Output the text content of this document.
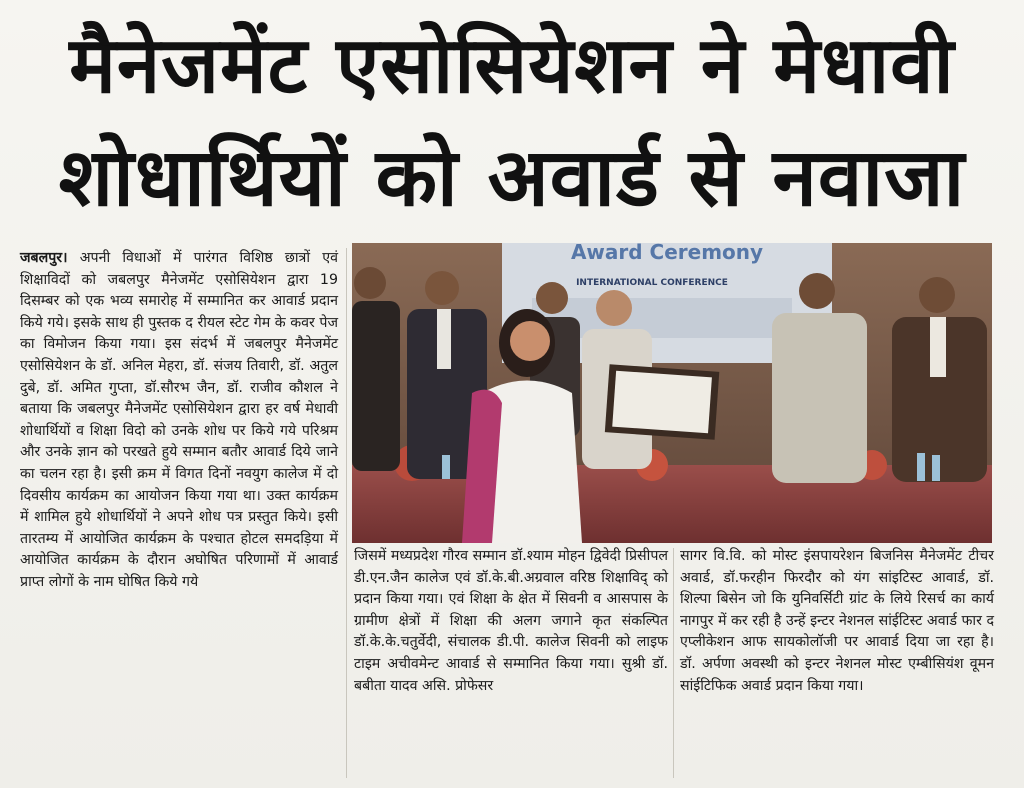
मैनेजमेंट एसोसियेशन ने मेधावी
शोधार्थियों को अवार्ड से नवाजा

जबलपुर। अपनी विधाओं में पारंगत विशिष्ठ छात्रों एवं शिक्षाविदों को जबलपुर मैनेजमेंट एसोसियेशन द्वारा 19 दिसम्बर को एक भव्य समारोह में सम्मानित कर आवार्ड प्रदान किये गये। इसके साथ ही पुस्तक द रीयल स्टेट गेम के कवर पेज का विमोजन किया गया। इस संदर्भ में जबलपुर मैनेजमेंट एसोसियेशन के डॉ. अनिल मेहरा, डॉ. संजय तिवारी, डॉ. अतुल दुबे, डॉ. अमित गुप्ता, डॉ.सौरभ जैन, डॉ. राजीव कौशल ने बताया कि जबलपुर मैनेजमेंट एसोसियेशन द्वारा हर वर्ष मेधावी शोधार्थियों व शिक्षा विदो को उनके शोध पर किये गये परिश्रम और उनके ज्ञान को परखते हुये सम्मान बतौर आवार्ड दिये जाने का चलन रहा है। इसी क्रम में विगत दिनों नवयुग कालेज में दो दिवसीय कार्यक्रम का आयोजन किया गया था। उक्त कार्यक्रम में शामिल हुये शोधार्थियों ने अपने शोध पत्र प्रस्तुत किये। इसी तारतम्य में आयोजित कार्यक्रम के पश्चात होटल समदड़िया में आयोजित कार्यक्रम के दौरान अघोषित परिणामों में आवार्ड प्राप्त लोगों के नाम घोषित किये गये

Award Ceremony
INTERNATIONAL CONFERENCE

जिसमें मध्यप्रदेश गौरव सम्मान डॉ.श्याम मोहन द्विवेदी प्रिसीपल डी.एन.जैन कालेज एवं डॉ.के.बी.अग्रवाल वरिष्ठ शिक्षाविद् को प्रदान किया गया। एवं शिक्षा के क्षेत में सिवनी व आसपास के ग्रामीण क्षेत्रों में शिक्षा की अलग जगाने कृत संकल्पित डॉ.के.के.चतुर्वेदी, संचालक डी.पी. कालेज सिवनी को लाइफ टाइम अचीवमेन्ट आवार्ड से सम्मानित किया गया। सुश्री डॉ. बबीता यादव असि. प्रोफेसर

सागर वि.वि. को मोस्ट इंसपायरेशन बिजनिस मैनेजमेंट टीचर अवार्ड, डॉ.फरहीन फिरदौर को यंग सांइटिस्ट आवार्ड, डॉ. शिल्पा बिसेन जो कि युनिवर्सिटी ग्रांट के लिये रिसर्च का कार्य नागपुर में कर रही है उन्हें इन्टर नेशनल सांईटिस्ट अवार्ड फार द एप्लीकेशन आफ सायकोलॉजी पर आवार्ड दिया जा रहा है। डॉ. अर्पणा अवस्थी को इन्टर नेशनल मोस्ट एम्बीसियंश वूमन सांईटिफिक अवार्ड प्रदान किया गया।
